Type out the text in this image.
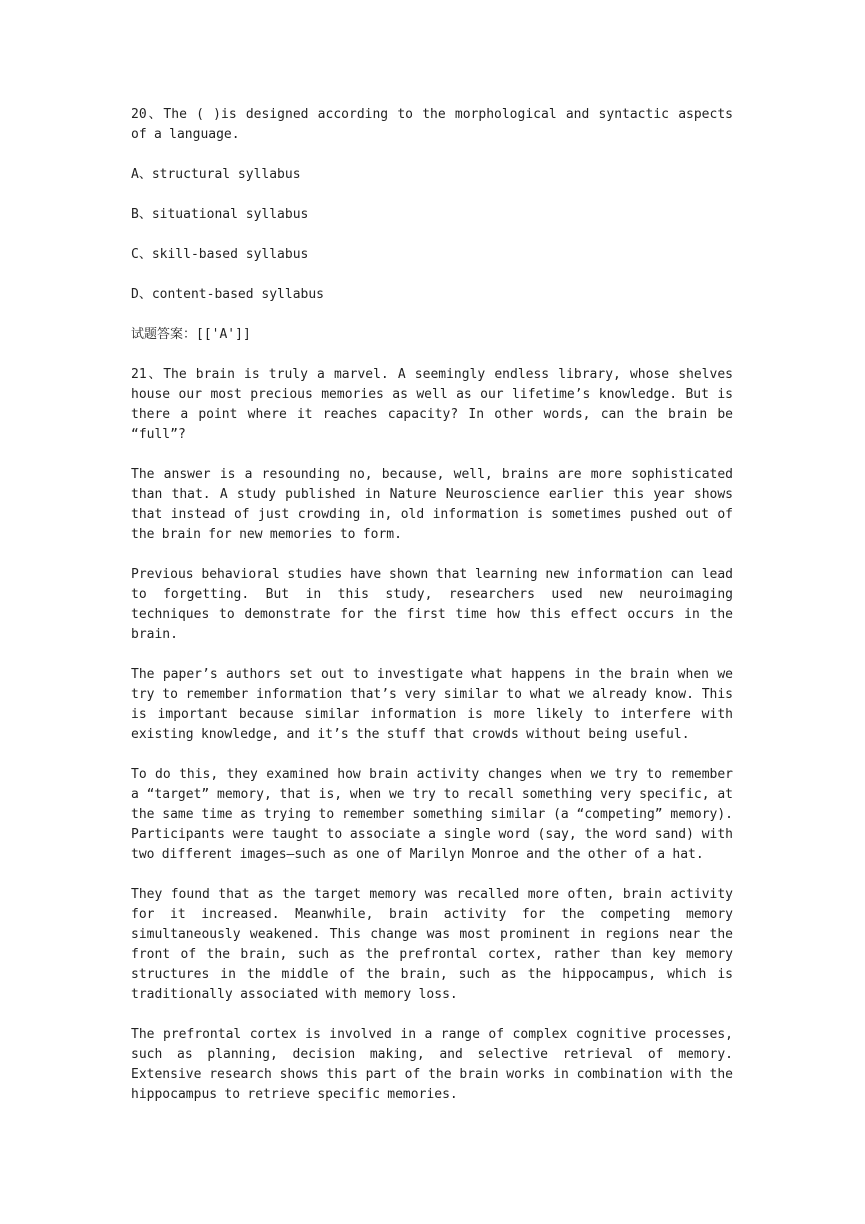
20、The ( )is designed according to the morphological and syntactic aspects of a language.

A、structural syllabus

B、situational syllabus

C、skill-based syllabus

D、content-based syllabus

试题答案：[['A']]

21、The brain is truly a marvel. A seemingly endless library, whose shelves house our most precious memories as well as our lifetime’s knowledge. But is there a point where it reaches capacity? In other words, can the brain be “full”?

The answer is a resounding no, because, well, brains are more sophisticated than that. A study published in Nature Neuroscience earlier this year shows that instead of just crowding in, old information is sometimes pushed out of the brain for new memories to form.

Previous behavioral studies have shown that learning new information can lead to forgetting. But in this study, researchers used new neuroimaging techniques to demonstrate for the first time how this effect occurs in the brain.

The paper’s authors set out to investigate what happens in the brain when we try to remember information that’s very similar to what we already know. This is important because similar information is more likely to interfere with existing knowledge, and it’s the stuff that crowds without being useful.

To do this, they examined how brain activity changes when we try to remember a “target” memory, that is, when we try to recall something very specific, at the same time as trying to remember something similar (a “competing” memory). Participants were taught to associate a single word (say, the word sand) with two different images—such as one of Marilyn Monroe and the other of a hat.

They found that as the target memory was recalled more often, brain activity for it increased. Meanwhile, brain activity for the competing memory simultaneously weakened. This change was most prominent in regions near the front of the brain, such as the prefrontal cortex, rather than key memory structures in the middle of the brain, such as the hippocampus, which is traditionally associated with memory loss.

The prefrontal cortex is involved in a range of complex cognitive processes, such as planning, decision making, and selective retrieval of memory. Extensive research shows this part of the brain works in combination with the hippocampus to retrieve specific memories.
